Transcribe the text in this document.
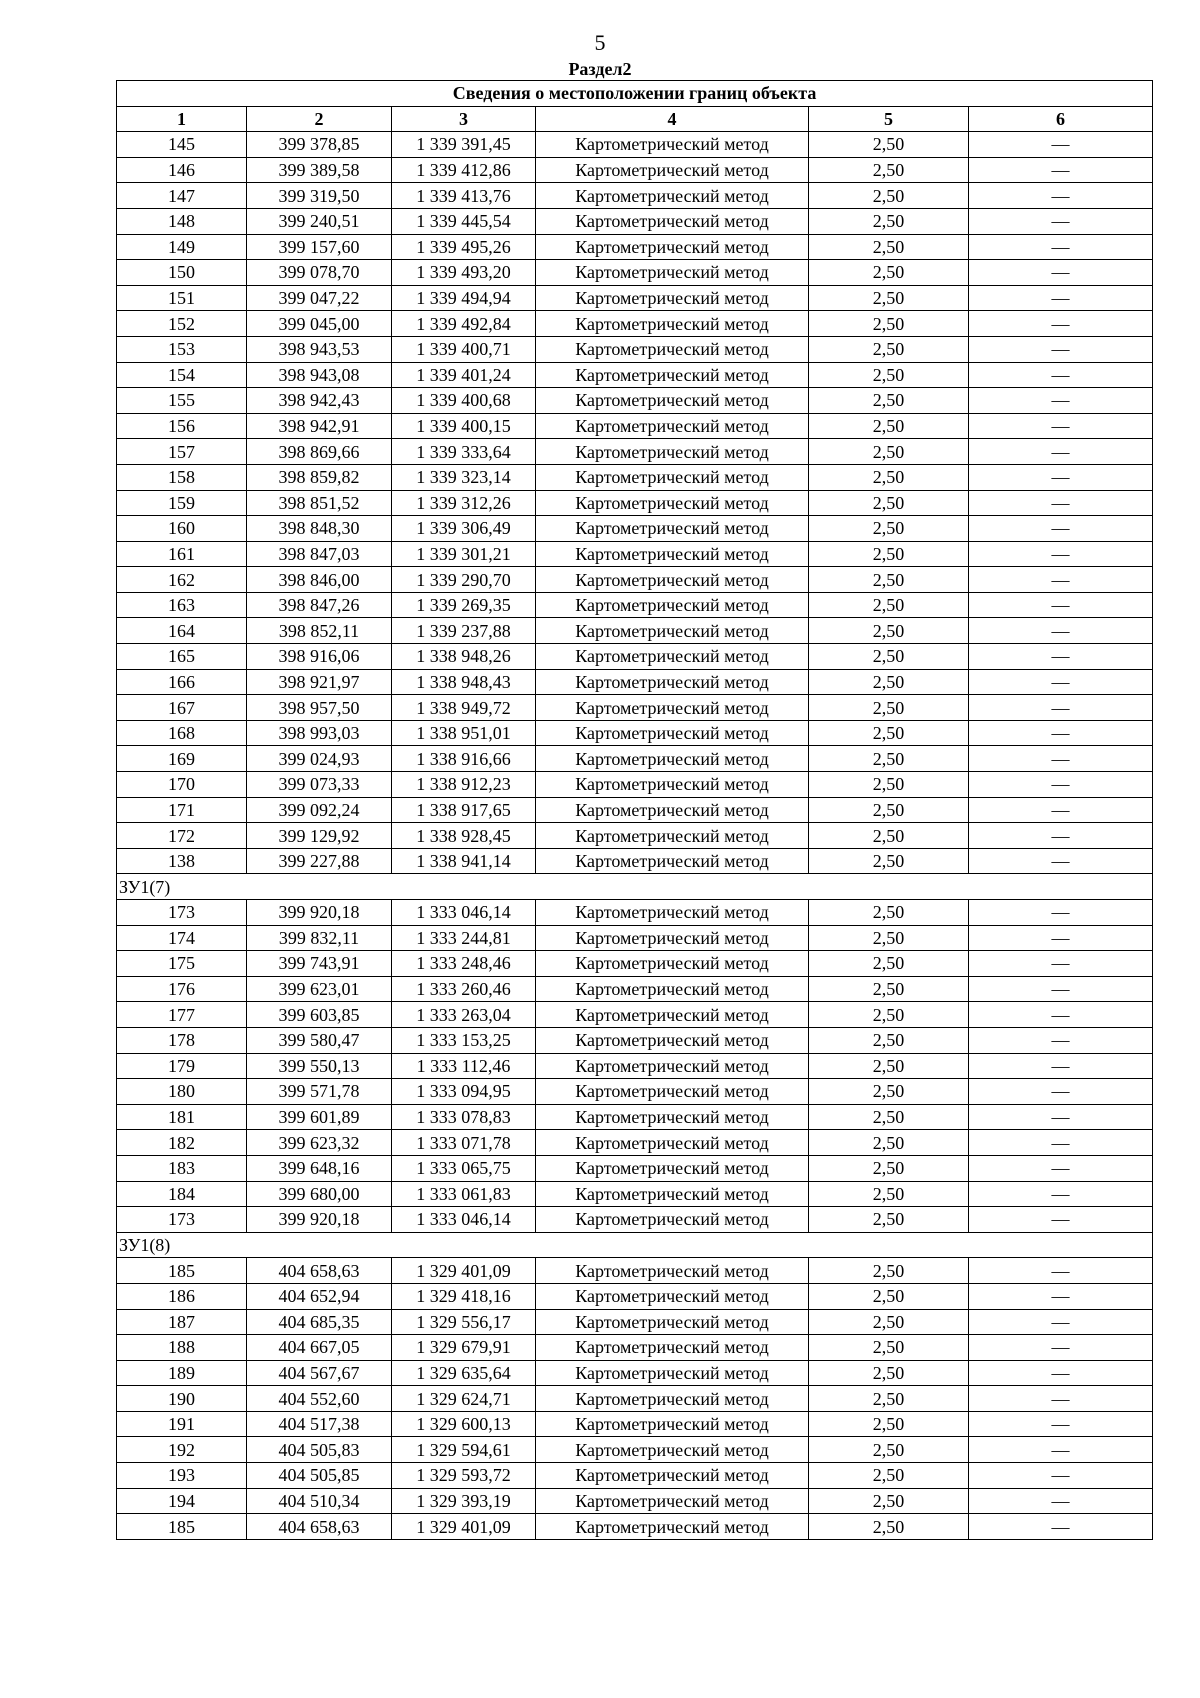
5
Раздел2
Сведения о местоположении границ объекта					
1	2	3	4	5	6
145	399 378,85	1 339 391,45	Картометрический метод	2,50	—
146	399 389,58	1 339 412,86	Картометрический метод	2,50	—
147	399 319,50	1 339 413,76	Картометрический метод	2,50	—
148	399 240,51	1 339 445,54	Картометрический метод	2,50	—
149	399 157,60	1 339 495,26	Картометрический метод	2,50	—
150	399 078,70	1 339 493,20	Картометрический метод	2,50	—
151	399 047,22	1 339 494,94	Картометрический метод	2,50	—
152	399 045,00	1 339 492,84	Картометрический метод	2,50	—
153	398 943,53	1 339 400,71	Картометрический метод	2,50	—
154	398 943,08	1 339 401,24	Картометрический метод	2,50	—
155	398 942,43	1 339 400,68	Картометрический метод	2,50	—
156	398 942,91	1 339 400,15	Картометрический метод	2,50	—
157	398 869,66	1 339 333,64	Картометрический метод	2,50	—
158	398 859,82	1 339 323,14	Картометрический метод	2,50	—
159	398 851,52	1 339 312,26	Картометрический метод	2,50	—
160	398 848,30	1 339 306,49	Картометрический метод	2,50	—
161	398 847,03	1 339 301,21	Картометрический метод	2,50	—
162	398 846,00	1 339 290,70	Картометрический метод	2,50	—
163	398 847,26	1 339 269,35	Картометрический метод	2,50	—
164	398 852,11	1 339 237,88	Картометрический метод	2,50	—
165	398 916,06	1 338 948,26	Картометрический метод	2,50	—
166	398 921,97	1 338 948,43	Картометрический метод	2,50	—
167	398 957,50	1 338 949,72	Картометрический метод	2,50	—
168	398 993,03	1 338 951,01	Картометрический метод	2,50	—
169	399 024,93	1 338 916,66	Картометрический метод	2,50	—
170	399 073,33	1 338 912,23	Картометрический метод	2,50	—
171	399 092,24	1 338 917,65	Картометрический метод	2,50	—
172	399 129,92	1 338 928,45	Картометрический метод	2,50	—
138	399 227,88	1 338 941,14	Картометрический метод	2,50	—
ЗУ1(7)					
173	399 920,18	1 333 046,14	Картометрический метод	2,50	—
174	399 832,11	1 333 244,81	Картометрический метод	2,50	—
175	399 743,91	1 333 248,46	Картометрический метод	2,50	—
176	399 623,01	1 333 260,46	Картометрический метод	2,50	—
177	399 603,85	1 333 263,04	Картометрический метод	2,50	—
178	399 580,47	1 333 153,25	Картометрический метод	2,50	—
179	399 550,13	1 333 112,46	Картометрический метод	2,50	—
180	399 571,78	1 333 094,95	Картометрический метод	2,50	—
181	399 601,89	1 333 078,83	Картометрический метод	2,50	—
182	399 623,32	1 333 071,78	Картометрический метод	2,50	—
183	399 648,16	1 333 065,75	Картометрический метод	2,50	—
184	399 680,00	1 333 061,83	Картометрический метод	2,50	—
173	399 920,18	1 333 046,14	Картометрический метод	2,50	—
ЗУ1(8)					
185	404 658,63	1 329 401,09	Картометрический метод	2,50	—
186	404 652,94	1 329 418,16	Картометрический метод	2,50	—
187	404 685,35	1 329 556,17	Картометрический метод	2,50	—
188	404 667,05	1 329 679,91	Картометрический метод	2,50	—
189	404 567,67	1 329 635,64	Картометрический метод	2,50	—
190	404 552,60	1 329 624,71	Картометрический метод	2,50	—
191	404 517,38	1 329 600,13	Картометрический метод	2,50	—
192	404 505,83	1 329 594,61	Картометрический метод	2,50	—
193	404 505,85	1 329 593,72	Картометрический метод	2,50	—
194	404 510,34	1 329 393,19	Картометрический метод	2,50	—
185	404 658,63	1 329 401,09	Картометрический метод	2,50	—
